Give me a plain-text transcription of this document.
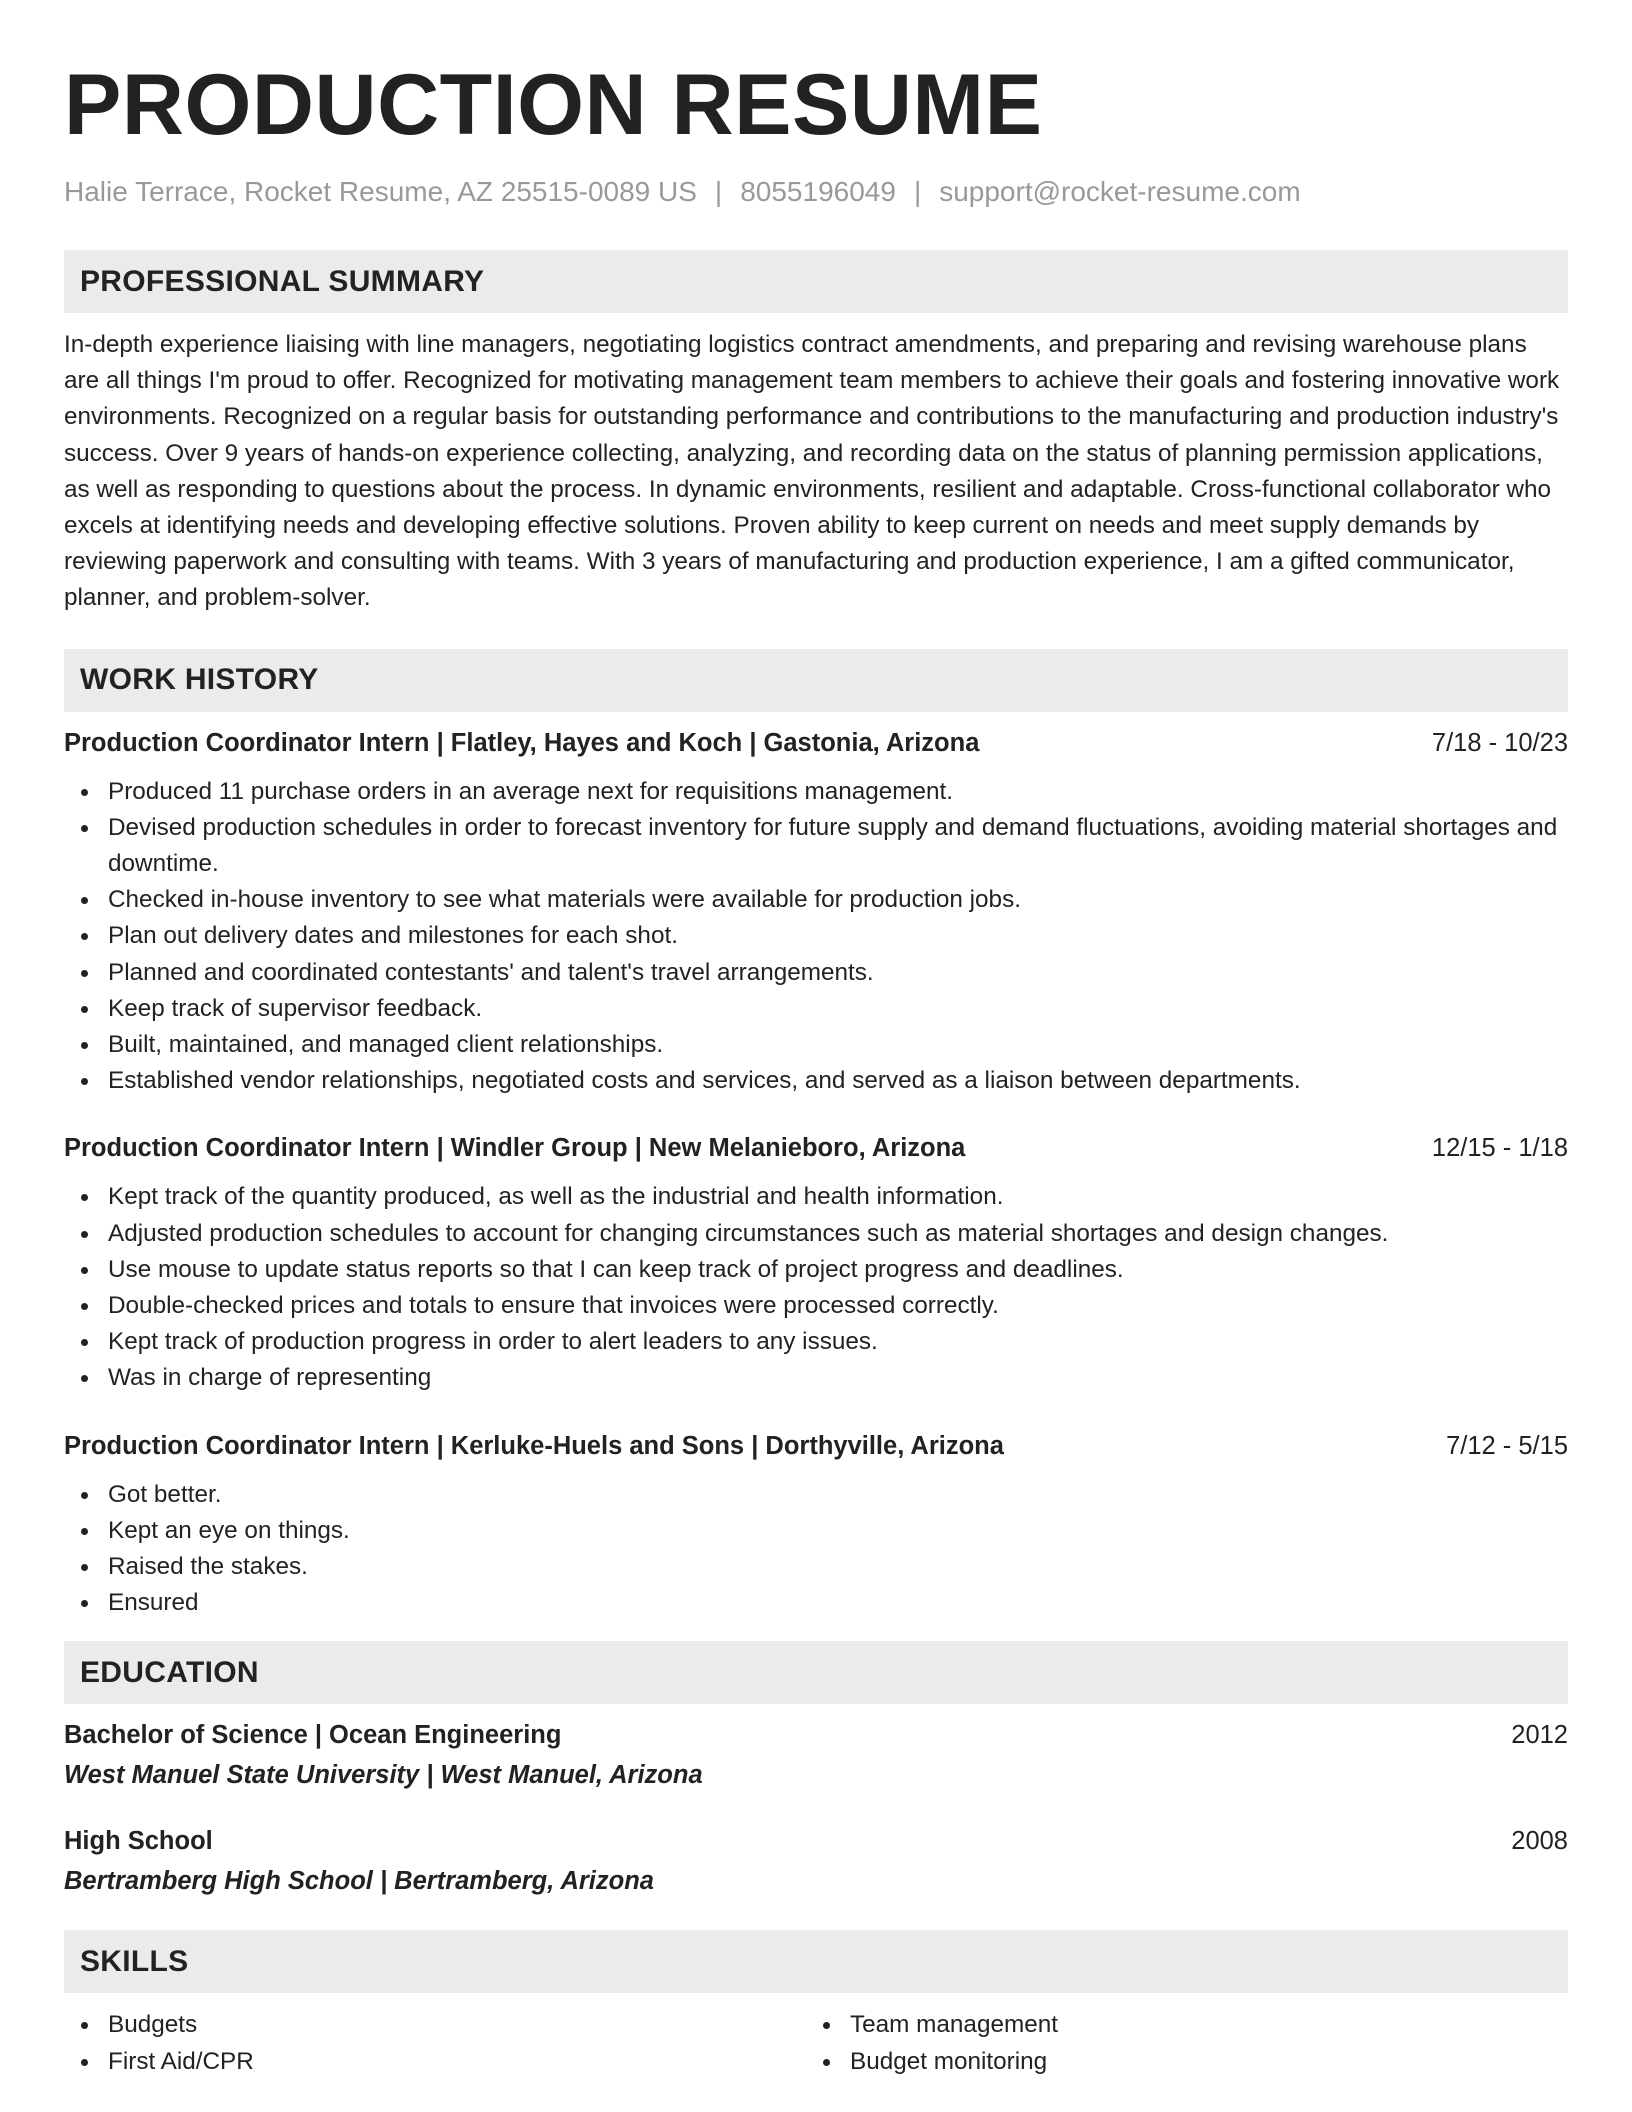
PRODUCTION RESUME
Halie Terrace, Rocket Resume, AZ 25515-0089 US | 8055196049 | support@rocket-resume.com
PROFESSIONAL SUMMARY
In-depth experience liaising with line managers, negotiating logistics contract amendments, and preparing and revising warehouse plans are all things I'm proud to offer. Recognized for motivating management team members to achieve their goals and fostering innovative work environments. Recognized on a regular basis for outstanding performance and contributions to the manufacturing and production industry's success. Over 9 years of hands-on experience collecting, analyzing, and recording data on the status of planning permission applications, as well as responding to questions about the process. In dynamic environments, resilient and adaptable. Cross-functional collaborator who excels at identifying needs and developing effective solutions. Proven ability to keep current on needs and meet supply demands by reviewing paperwork and consulting with teams. With 3 years of manufacturing and production experience, I am a gifted communicator, planner, and problem-solver.
WORK HISTORY
Production Coordinator Intern | Flatley, Hayes and Koch | Gastonia, Arizona	7/18 - 10/23
Produced 11 purchase orders in an average next for requisitions management.
Devised production schedules in order to forecast inventory for future supply and demand fluctuations, avoiding material shortages and downtime.
Checked in-house inventory to see what materials were available for production jobs.
Plan out delivery dates and milestones for each shot.
Planned and coordinated contestants' and talent's travel arrangements.
Keep track of supervisor feedback.
Built, maintained, and managed client relationships.
Established vendor relationships, negotiated costs and services, and served as a liaison between departments.
Production Coordinator Intern | Windler Group | New Melanieboro, Arizona	12/15 - 1/18
Kept track of the quantity produced, as well as the industrial and health information.
Adjusted production schedules to account for changing circumstances such as material shortages and design changes.
Use mouse to update status reports so that I can keep track of project progress and deadlines.
Double-checked prices and totals to ensure that invoices were processed correctly.
Kept track of production progress in order to alert leaders to any issues.
Was in charge of representing
Production Coordinator Intern | Kerluke-Huels and Sons | Dorthyville, Arizona	7/12 - 5/15
Got better.
Kept an eye on things.
Raised the stakes.
Ensured
EDUCATION
Bachelor of Science | Ocean Engineering	2012
West Manuel State University | West Manuel, Arizona
High School	2008
Bertramberg High School | Bertramberg, Arizona
SKILLS
Budgets
First Aid/CPR
Team management
Budget monitoring
